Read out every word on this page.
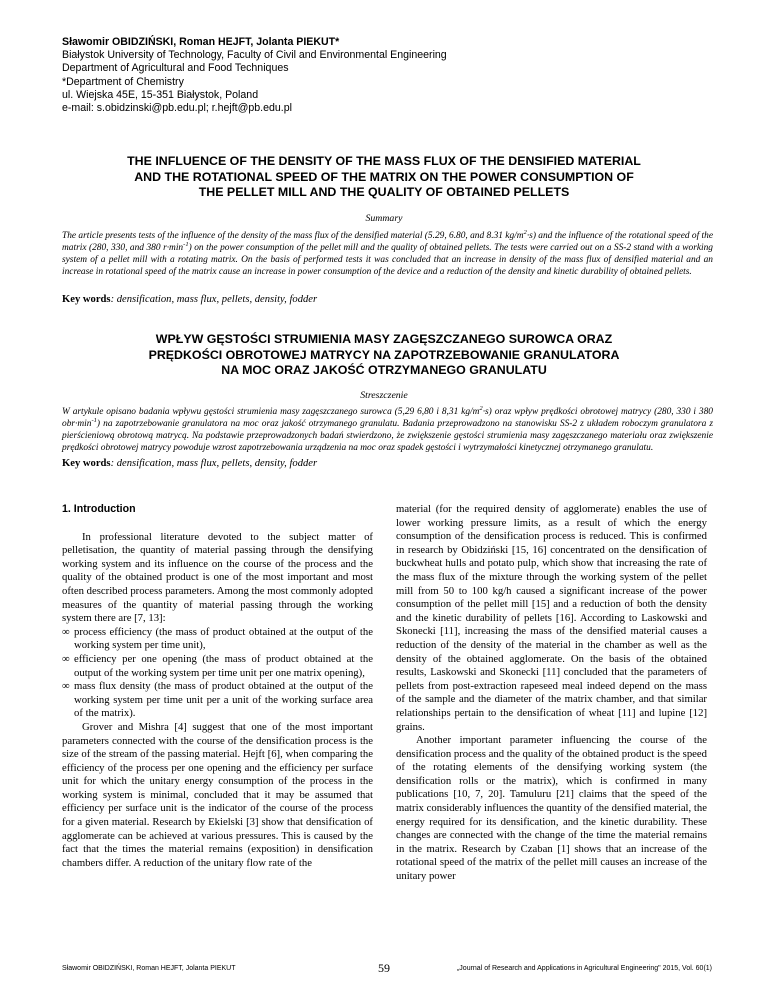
Sławomir OBIDZIŃSKI, Roman HEJFT, Jolanta PIEKUT*
Białystok University of Technology, Faculty of Civil and Environmental Engineering
Department of Agricultural and Food Techniques
*Department of Chemistry
ul. Wiejska 45E, 15-351 Białystok, Poland
e-mail: s.obidzinski@pb.edu.pl; r.hejft@pb.edu.pl
THE INFLUENCE OF THE DENSITY OF THE MASS FLUX OF THE DENSIFIED MATERIAL
AND THE ROTATIONAL SPEED OF THE MATRIX ON THE POWER CONSUMPTION OF
THE PELLET MILL AND THE QUALITY OF OBTAINED PELLETS
Summary
The article presents tests of the influence of the density of the mass flux of the densified material (5.29, 6.80, and 8.31 $kg/m^2\cdot s$) and the influence of the rotational speed of the matrix (280, 330, and 380 $r\cdot\min^{-1}$) on the power consumption of the pellet mill and the quality of obtained pellets. The tests were carried out on a SS-2 stand with a working system of a pellet mill with a rotating matrix. On the basis of performed tests it was concluded that an increase in density of the mass flux of densified material and an increase in rotational speed of the matrix cause an increase in power consumption of the device and a reduction of the density and kinetic durability of obtained pellets.
Key words: densification, mass flux, pellets, density, fodder
WPŁYW GĘSTOŚCI STRUMIENIA MASY ZAGĘSZCZANEGO SUROWCA ORAZ
PRĘDKOŚCI OBROTOWEJ MATRYCY NA ZAPOTRZEBOWANIE GRANULATORA
NA MOC ORAZ JAKOŚĆ OTRZYMANEGO GRANULATU
Streszczenie
W artykule opisano badania wpływu gęstości strumienia masy zagęszczanego surowca (5,29 6,80 i 8,31 $kg/m^2\cdot s$) oraz wpływ prędkości obrotowej matrycy (280, 330 i 380 $obr\cdot\min^{-1}$) na zapotrzebowanie granulatora na moc oraz jakość otrzymanego granulatu. Badania przeprowadzono na stanowisku SS-2 z układem roboczym granulatora z pierścieniową obrotową matrycą. Na podstawie przeprowadzonych badań stwierdzono, że zwiększenie gęstości strumienia masy zagęszczanego materiału oraz zwiększenie prędkości obrotowej matrycy powoduje wzrost zapotrzebowania urządzenia na moc oraz spadek gęstości i wytrzymałości kinetycznej otrzymanego granulatu.
Key words: densification, mass flux, pellets, density, fodder
1. Introduction

In professional literature devoted to the subject matter of pelletisation, the quantity of material passing through the densifying working system and its influence on the course of the process and the quality of the obtained product is one of the most important and most often described process parameters. Among the most commonly adopted measures of the quantity of material passing through the working system there are [7, 13]:

∞ process efficiency (the mass of product obtained at the output of the working system per time unit),
∞ efficiency per one opening (the mass of product obtained at the output of the working system per time unit per one matrix opening),
∞ mass flux density (the mass of product obtained at the output of the working system per time unit per a unit of the working surface area of the matrix).

Grover and Mishra [4] suggest that one of the most important parameters connected with the course of the densification process is the size of the stream of the passing material. Hejft [6], when comparing the efficiency of the process per one opening and the efficiency per surface unit for which the unitary energy consumption of the process in the working system is minimal, concluded that it may be assumed that efficiency per surface unit is the indicator of the course of the process for a given material. Research by Ekielski [3] show that densification of agglomerate can be achieved at various pressures. This is caused by the fact that the times the material remains (exposition) in densification chambers differ. A reduction of the unitary flow rate of the

material (for the required density of agglomerate) enables the use of lower working pressure limits, as a result of which the energy consumption of the densification process is reduced. This is confirmed in research by Obidziński [15, 16] concentrated on the densification of buckwheat hulls and potato pulp, which show that increasing the rate of the mass flux of the mixture through the working system of the pellet mill from 50 to 100 kg/h caused a significant increase of the power consumption of the pellet mill [15] and a reduction of both the density and the kinetic durability of pellets [16]. According to Laskowski and Skonecki [11], increasing the mass of the densified material causes a reduction of the density of the material in the chamber as well as the density of the obtained agglomerate. On the basis of the obtained results, Laskowski and Skonecki [11] concluded that the parameters of pellets from post-extraction rapeseed meal indeed depend on the mass of the sample and the diameter of the matrix chamber, and that similar relationships pertain to the densification of wheat [11] and lupine [12] grains.

Another important parameter influencing the course of the densification process and the quality of the obtained product is the speed of the rotating elements of the densifying working system (the densification rolls or the matrix), which is confirmed in many publications [10, 7, 20]. Tamuluru [21] claims that the speed of the matrix considerably influences the quantity of the densified material, the energy required for its densification, and the kinetic durability. These changes are connected with the change of the time the material remains in the matrix. Research by Czaban [1] shows that an increase of the rotational speed of the matrix of the pellet mill causes an increase of the unitary power

Sławomir OBIDZIŃSKI, Roman HEJFT, Jolanta PIEKUT	59	„Journal of Research and Applications in Agricultural Engineering" 2015, Vol. 60(1)
